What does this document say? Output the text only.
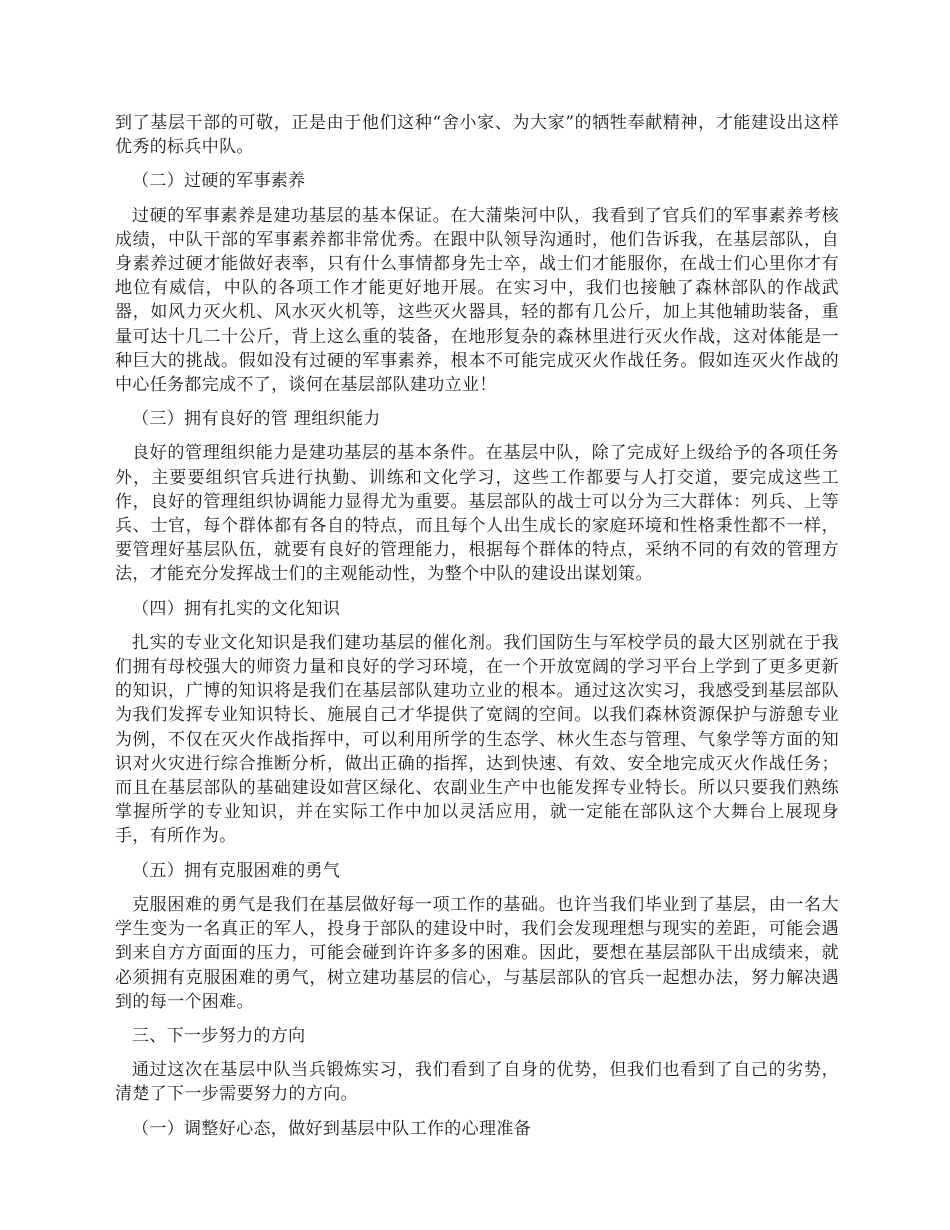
到了基层干部的可敬，正是由于他们这种“舍小家、为大家”的牺牲奉献精神，才能建设出这样优秀的标兵中队。

（二）过硬的军事素养

过硬的军事素养是建功基层的基本保证。在大蒲柴河中队，我看到了官兵们的军事素养考核成绩，中队干部的军事素养都非常优秀。在跟中队领导沟通时，他们告诉我，在基层部队，自身素养过硬才能做好表率，只有什么事情都身先士卒，战士们才能服你，在战士们心里你才有地位有威信，中队的各项工作才能更好地开展。在实习中，我们也接触了森林部队的作战武器，如风力灭火机、风水灭火机等，这些灭火器具，轻的都有几公斤，加上其他辅助装备，重量可达十几二十公斤，背上这么重的装备，在地形复杂的森林里进行灭火作战，这对体能是一种巨大的挑战。假如没有过硬的军事素养，根本不可能完成灭火作战任务。假如连灭火作战的中心任务都完成不了，谈何在基层部队建功立业！

（三）拥有良好的管 理组织能力

良好的管理组织能力是建功基层的基本条件。在基层中队，除了完成好上级给予的各项任务外，主要要组织官兵进行执勤、训练和文化学习，这些工作都要与人打交道，要完成这些工作，良好的管理组织协调能力显得尤为重要。基层部队的战士可以分为三大群体：列兵、上等兵、士官，每个群体都有各自的特点，而且每个人出生成长的家庭环境和性格秉性都不一样，要管理好基层队伍，就要有良好的管理能力，根据每个群体的特点，采纳不同的有效的管理方法，才能充分发挥战士们的主观能动性，为整个中队的建设出谋划策。

（四）拥有扎实的文化知识

扎实的专业文化知识是我们建功基层的催化剂。我们国防生与军校学员的最大区别就在于我们拥有母校强大的师资力量和良好的学习环境，在一个开放宽阔的学习平台上学到了更多更新的知识，广博的知识将是我们在基层部队建功立业的根本。通过这次实习，我感受到基层部队为我们发挥专业知识特长、施展自己才华提供了宽阔的空间。以我们森林资源保护与游憩专业为例，不仅在灭火作战指挥中，可以利用所学的生态学、林火生态与管理、气象学等方面的知识对火灾进行综合推断分析，做出正确的指挥，达到快速、有效、安全地完成灭火作战任务；而且在基层部队的基础建设如营区绿化、农副业生产中也能发挥专业特长。所以只要我们熟练掌握所学的专业知识，并在实际工作中加以灵活应用，就一定能在部队这个大舞台上展现身手，有所作为。

（五）拥有克服困难的勇气

克服困难的勇气是我们在基层做好每一项工作的基础。也许当我们毕业到了基层，由一名大学生变为一名真正的军人，投身于部队的建设中时，我们会发现理想与现实的差距，可能会遇到来自方方面面的压力，可能会碰到许许多多的困难。因此，要想在基层部队干出成绩来，就必须拥有克服困难的勇气，树立建功基层的信心，与基层部队的官兵一起想办法，努力解决遇到的每一个困难。

三、下一步努力的方向

通过这次在基层中队当兵锻炼实习，我们看到了自身的优势，但我们也看到了自己的劣势，清楚了下一步需要努力的方向。

（一）调整好心态，做好到基层中队工作的心理准备
